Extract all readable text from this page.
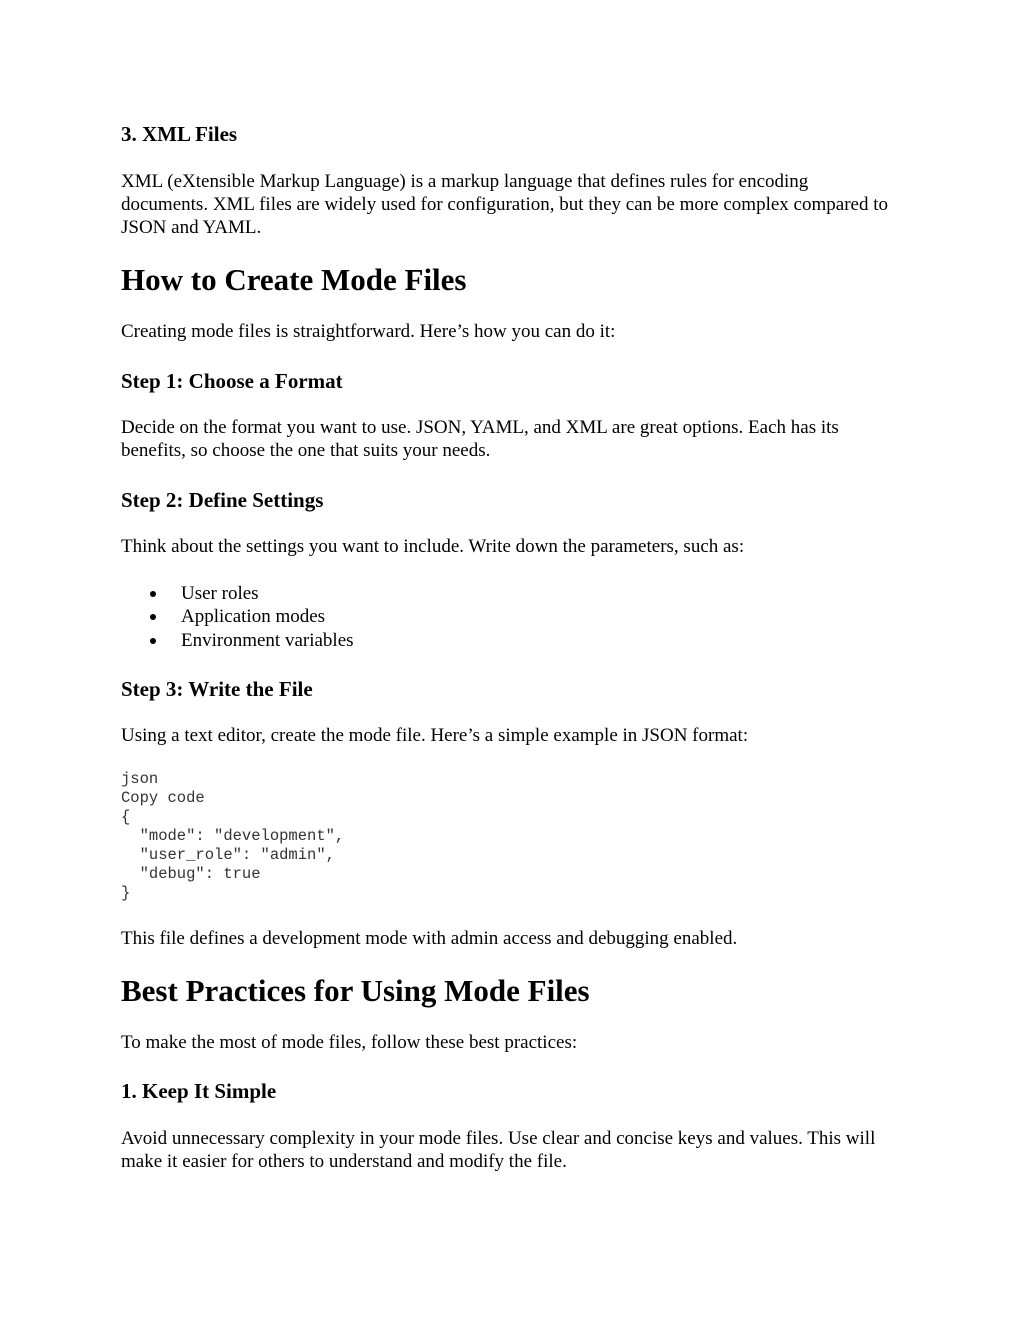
3. XML Files

XML (eXtensible Markup Language) is a markup language that defines rules for encoding documents. XML files are widely used for configuration, but they can be more complex compared to JSON and YAML.

How to Create Mode Files

Creating mode files is straightforward. Here’s how you can do it:

Step 1: Choose a Format

Decide on the format you want to use. JSON, YAML, and XML are great options. Each has its benefits, so choose the one that suits your needs.

Step 2: Define Settings

Think about the settings you want to include. Write down the parameters, such as:

User roles
Application modes
Environment variables
Step 3: Write the File

Using a text editor, create the mode file. Here’s a simple example in JSON format:

json
Copy code
{
"mode": "development",
"user_role": "admin",
"debug": true
}

This file defines a development mode with admin access and debugging enabled.

Best Practices for Using Mode Files

To make the most of mode files, follow these best practices:

1. Keep It Simple

Avoid unnecessary complexity in your mode files. Use clear and concise keys and values. This will make it easier for others to understand and modify the file.
